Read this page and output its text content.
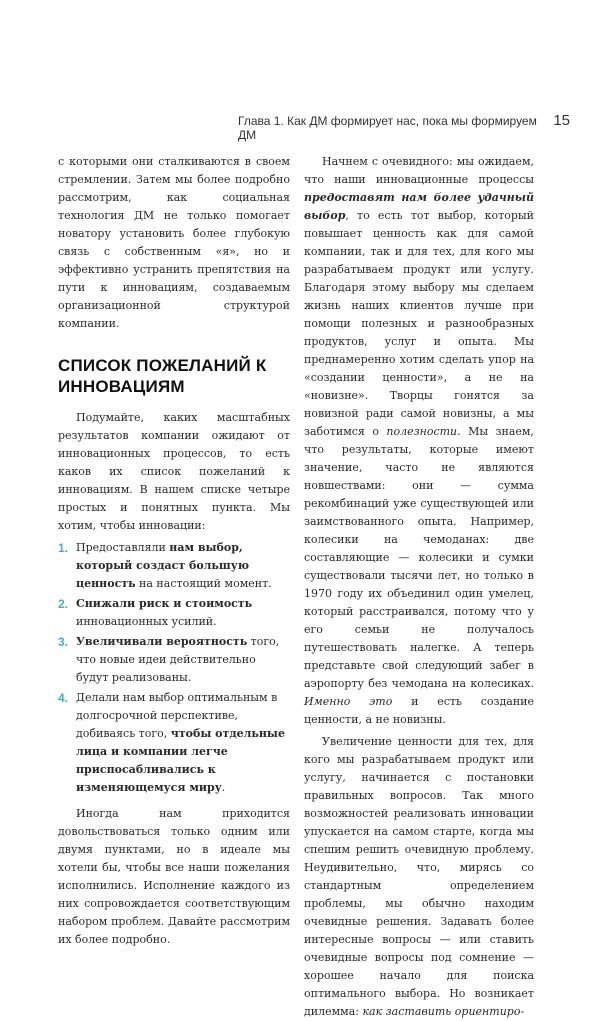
Глава 1. Как ДМ формирует нас, пока мы формируем ДМ
15

с которыми они сталкиваются в своем стремлении. Затем мы более подробно рассмотрим, как социальная технология ДМ не только помогает новатору установить более глубокую связь с собственным «я», но и эффективно устранить препятствия на пути к инновациям, создаваемым организационной структурой компании.

СПИСОК ПОЖЕЛАНИЙ К ИННОВАЦИЯМ

Подумайте, каких масштабных результатов компании ожидают от инновационных процессов, то есть каков их список пожеланий к инновациям. В нашем списке четыре простых и понятных пункта. Мы хотим, чтобы инновации:

1. Предоставляли нам выбор, который создаст большую ценность на настоящий момент.
2. Снижали риск и стоимость инновационных усилий.
3. Увеличивали вероятность того, что новые идеи действительно будут реализованы.
4. Делали нам выбор оптимальным в долгосрочной перспективе, добиваясь того, чтобы отдельные лица и компании легче приспосабливались к изменяющемуся миру.

Иногда нам приходится довольствоваться только одним или двумя пунктами, но в идеале мы хотели бы, чтобы все наши пожелания исполнились. Исполнение каждого из них сопровождается соответствующим набором проблем. Давайте рассмотрим их более подробно.

Начнем с очевидного: мы ожидаем, что наши инновационные процессы предоставят нам более удачный выбор, то есть тот выбор, который повышает ценность как для самой компании, так и для тех, для кого мы разрабатываем продукт или услугу. Благодаря этому выбору мы сделаем жизнь наших клиентов лучше при помощи полезных и разнообразных продуктов, услуг и опыта. Мы преднамеренно хотим сделать упор на «создании ценности», а не на «новизне». Творцы гонятся за новизной ради самой новизны, а мы заботимся о полезности. Мы знаем, что результаты, которые имеют значение, часто не являются новшествами: они — сумма рекомбинаций уже существующей или заимствованного опыта. Например, колесики на чемоданах: две составляющие — колесики и сумки существовали тысячи лет, но только в 1970 году их объединил один умелец, который расстраивался, потому что у его семьи не получалось путешествовать налегке. А теперь представьте свой следующий забег в аэропорту без чемодана на колесиках. Именно это и есть создание ценности, а не новизны.

Увеличение ценности для тех, для кого мы разрабатываем продукт или услугу, начинается с постановки правильных вопросов. Так много возможностей реализовать инновации упускается на самом старте, когда мы спешим решить очевидную проблему. Неудивительно, что, мирясь со стандартным определением проблемы, мы обычно находим очевидные решения. Задавать более интересные вопросы — или ставить очевидные вопросы под сомнение — хорошее начало для поиска оптимального выбора. Но возникает дилемма: как заставить ориентиро-
